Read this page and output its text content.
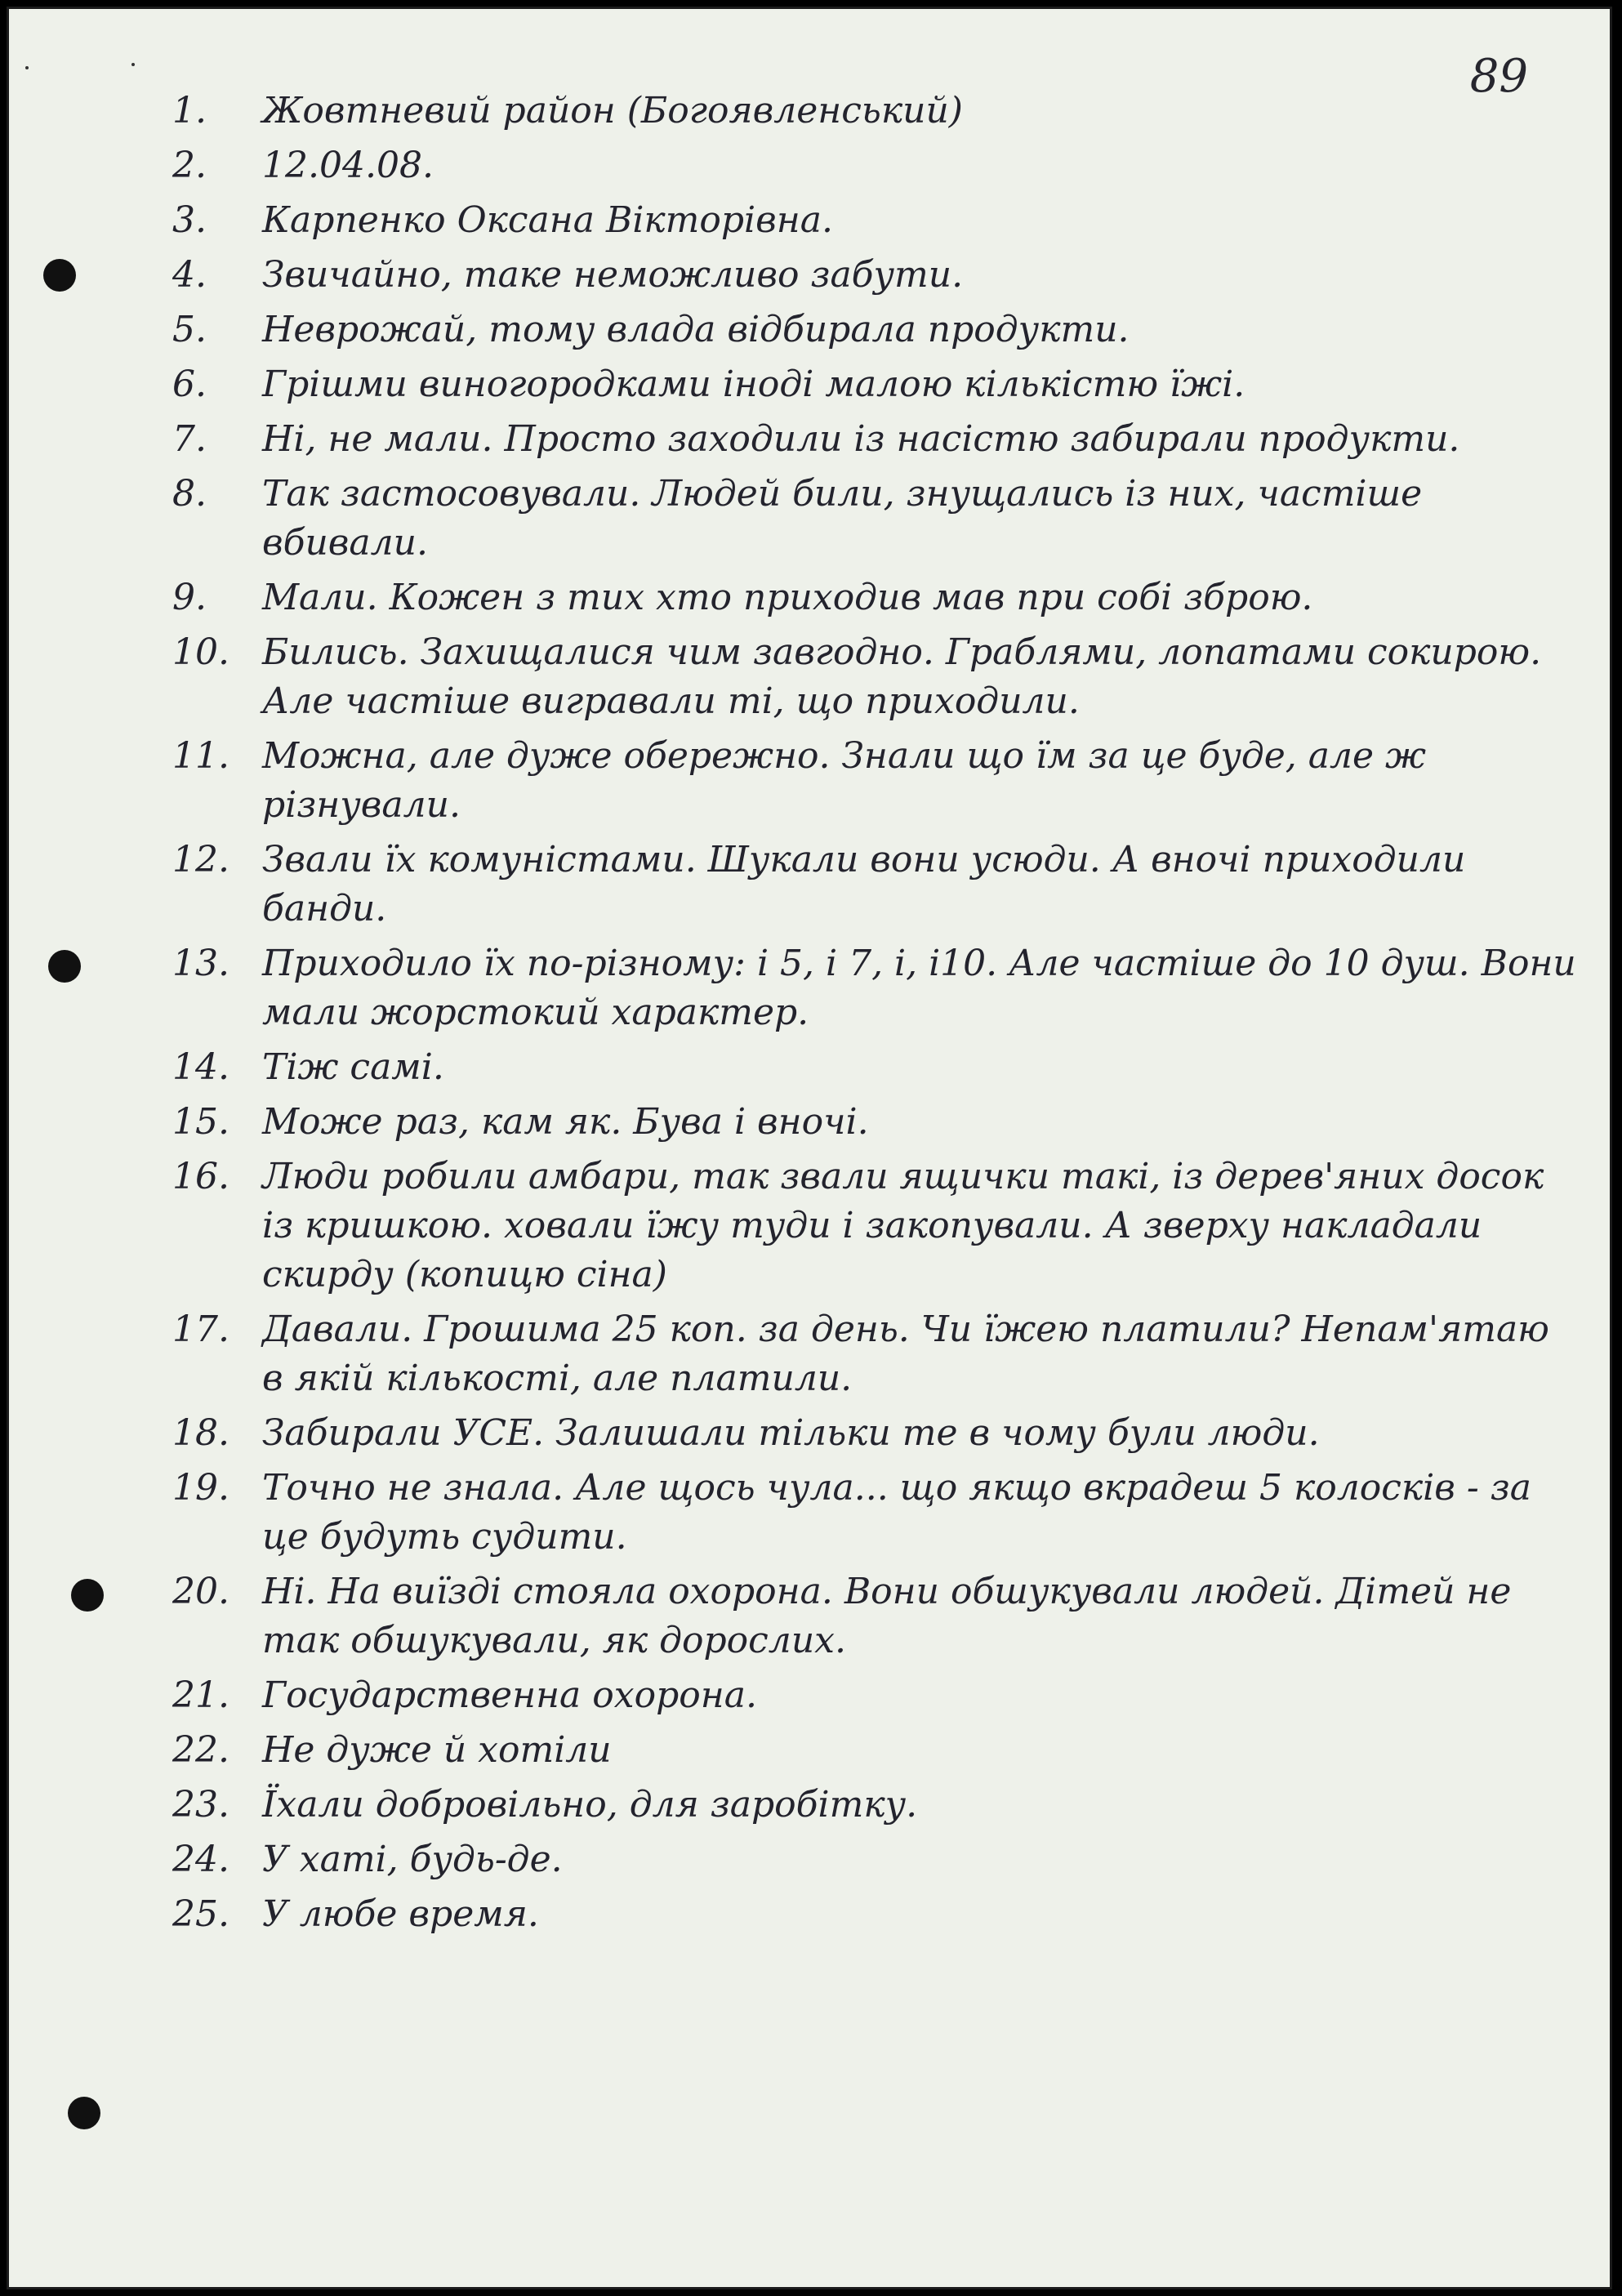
89
1.	Жовтневий район (Богоявленський)
2.	12.04.08.
3.	Карпенко Оксана Вікторівна.
4.	Звичайно, таке неможливо забути.
5.	Неврожай, тому влада відбирала продукти.
6.	Грішми виногородками іноді малою кількістю їжі.
7.	Ні, не мали. Просто заходили із насістю забирали продукти.
8.	Так застосовували. Людей били, знущались із них, частіше вбивали.
9.	Мали. Кожен з тих хто приходив мав при собі зброю.
10. Бились. Захищалися чим завгодно. Граблями, лопатами сокирою. Але частіше вигравали ті, що приходили.
11. Можна, але дуже обережно. Знали що їм за це буде, але ж різнували.
12. Звали їх комуністами. Шукали вони усюди. А вночі приходили банди.
13. Приходило їх по-різному: і 5, і 7, і, і10. Але частіше до 10 душ. Вони мали жорстокий характер.
14. Тіж самі.
15. Може раз, кам як. Бува і вночі.
16. Люди робили амбари, так звали ящички такі, із дерев'яних досок із кришкою. ховали їжу туди і закопували. А зверху накладали скирду (копицю сіна)
17. Давали. Грошима 25 коп. за день. Чи їжею платили? Непам'ятаю в якій кількості, але платили.
18. Забирали УСЕ. Залишали тільки те в чому були люди.
19. Точно не знала. Але щось чула... що якщо вкрадеш 5 колосків - за це будуть судити.
20. Ні. На виїзді стояла охорона. Вони обшукували людей. Дітей не так обшукували, як дорослих.
21. Государственна охорона.
22. Не дуже й хотіли
23. Їхали добровільно, для заробітку.
24. У хаті, будь-де.
25. У любе время.
